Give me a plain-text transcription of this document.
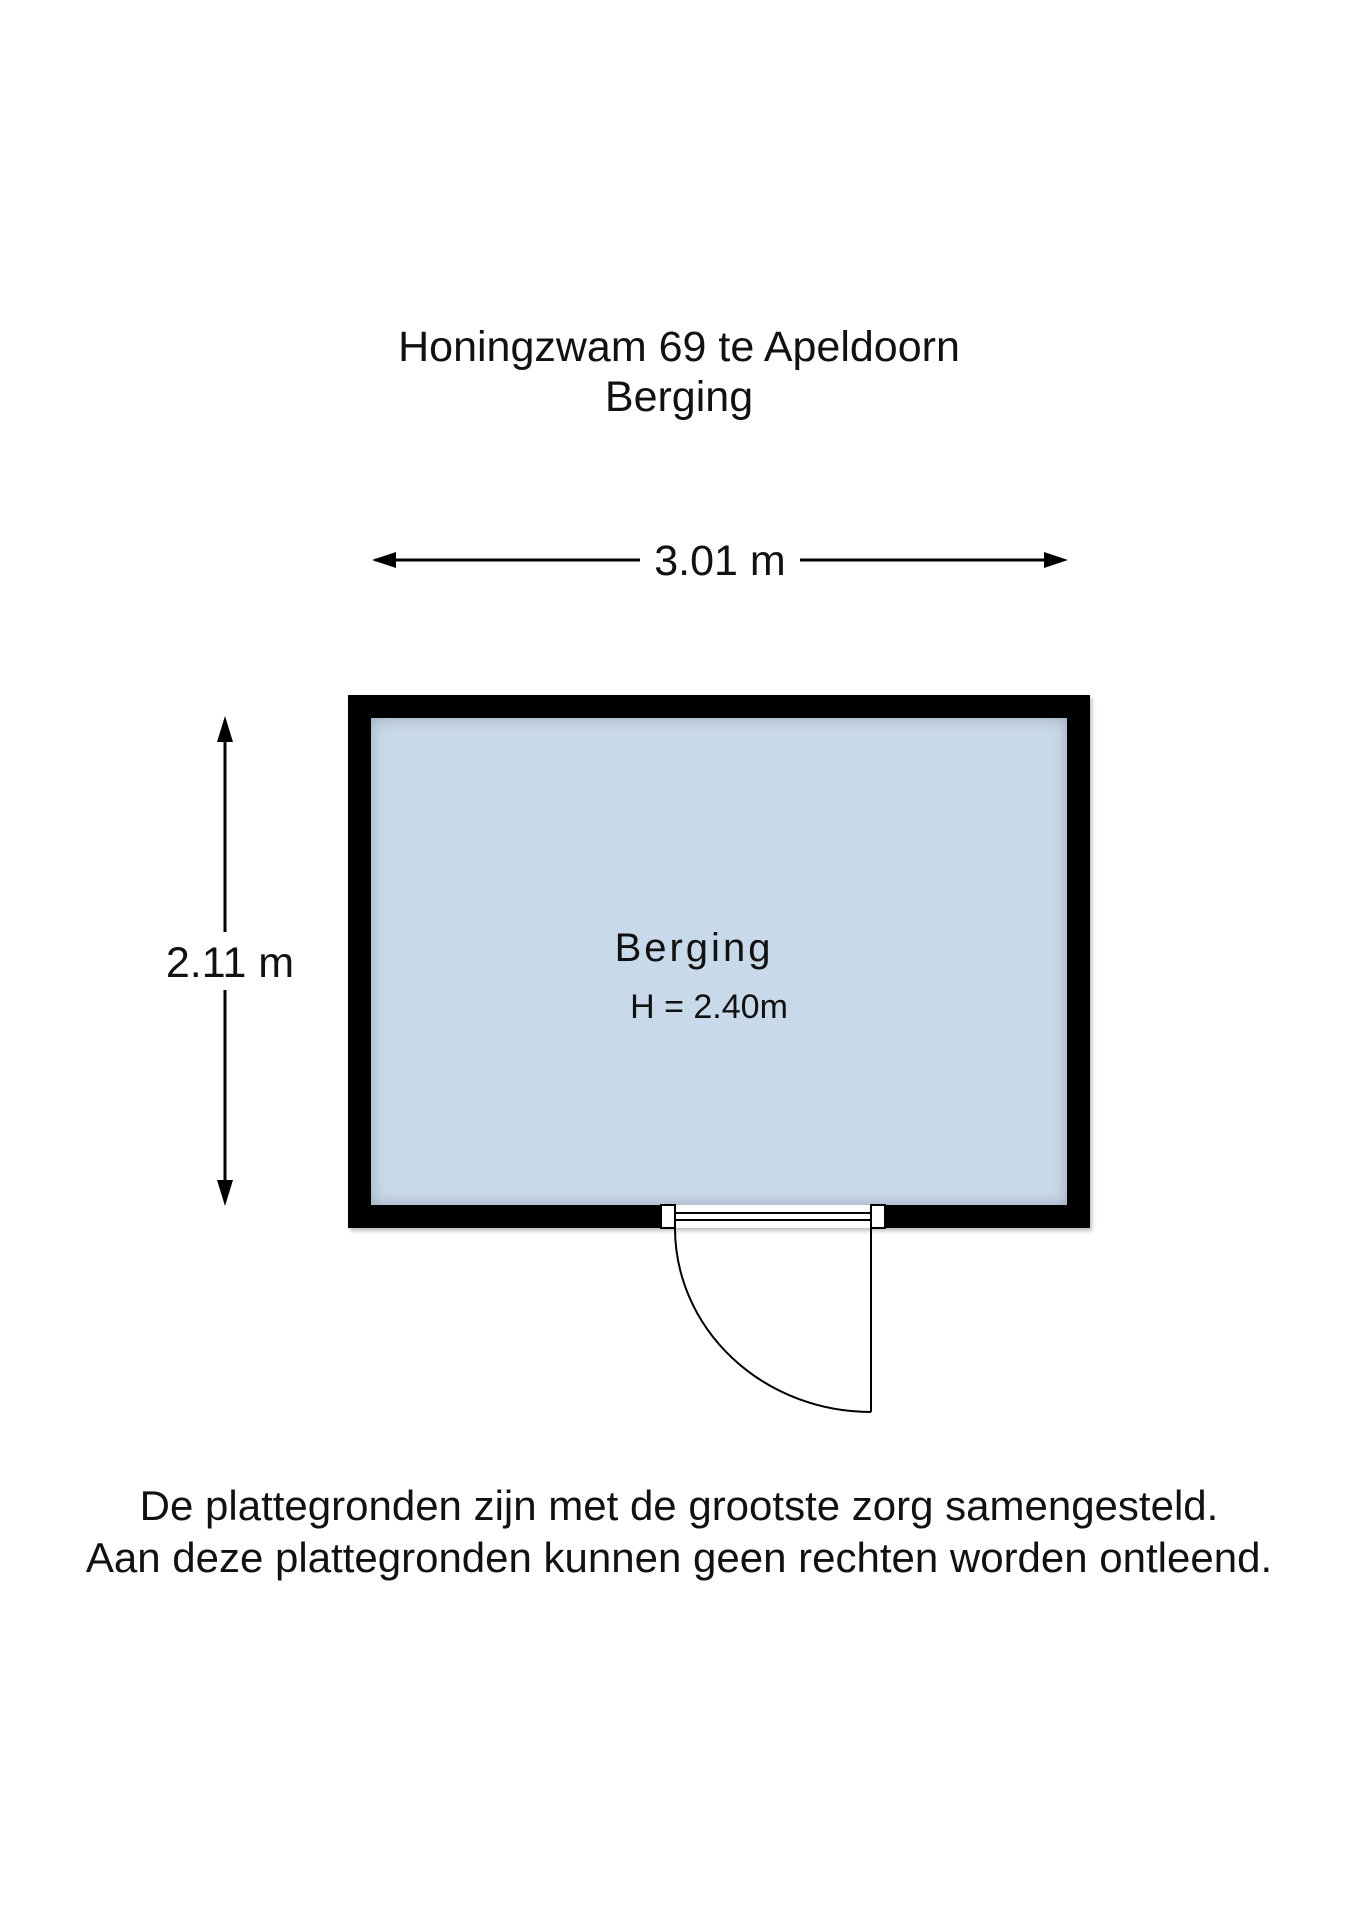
Honingzwam 69 te Apeldoorn
Berging
3.01 m
2.11 m	Berging
H = 2.40m
De plattegronden zijn met de grootste zorg samengesteld.
Aan deze plattegronden kunnen geen rechten worden ontleend.
